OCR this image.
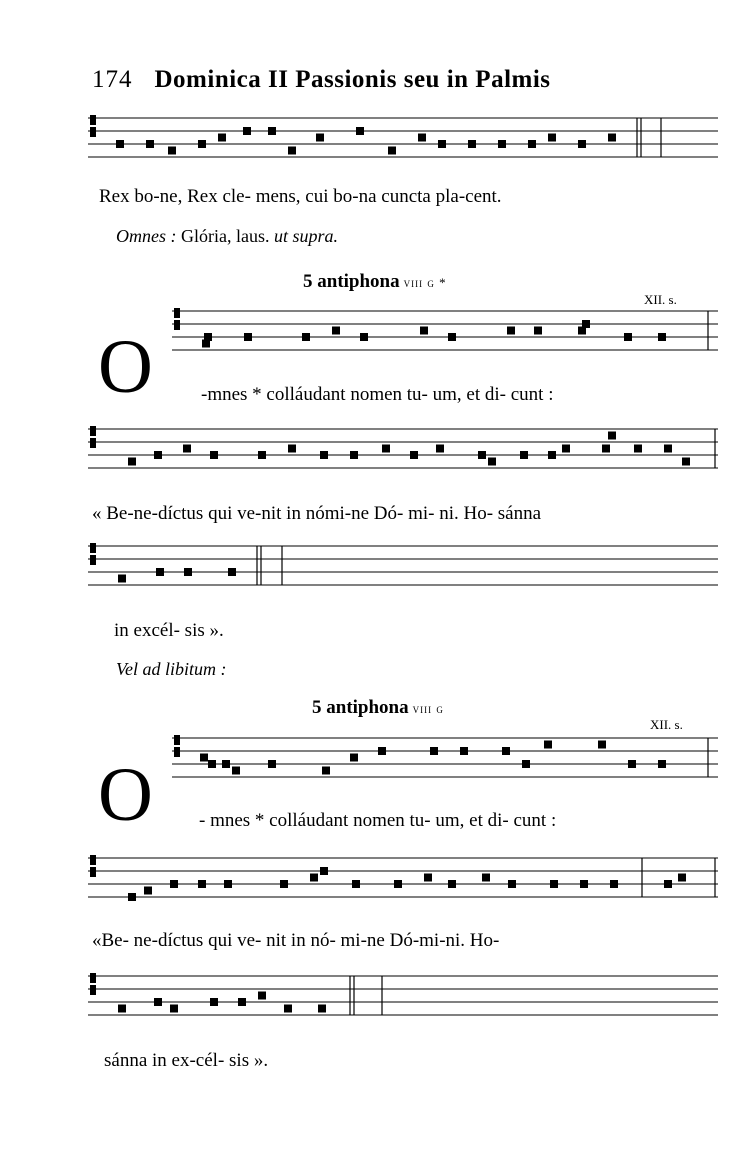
174 Dominica II Passionis seu in Palmis
Rex bo-ne, Rex cle- mens, cui bo-na cuncta pla-cent.
Omnes : Glória, laus. ut supra.
5 antiphona viii g *
XII. s.
O	-mnes * colláudant nomen tu- um, et di- cunt :
« Be-ne-díctus qui ve-nit in nómi-ne Dó- mi- ni. Ho- sánna
in excél- sis ».
Vel ad libitum :
5 antiphona viii g
XII. s.
O - mnes * colláudant nomen tu- um, et di- cunt :
«Be- ne-díctus qui ve- nit in nó- mi-ne Dó-mi-ni. Ho-
sánna in ex-cél- sis ».
